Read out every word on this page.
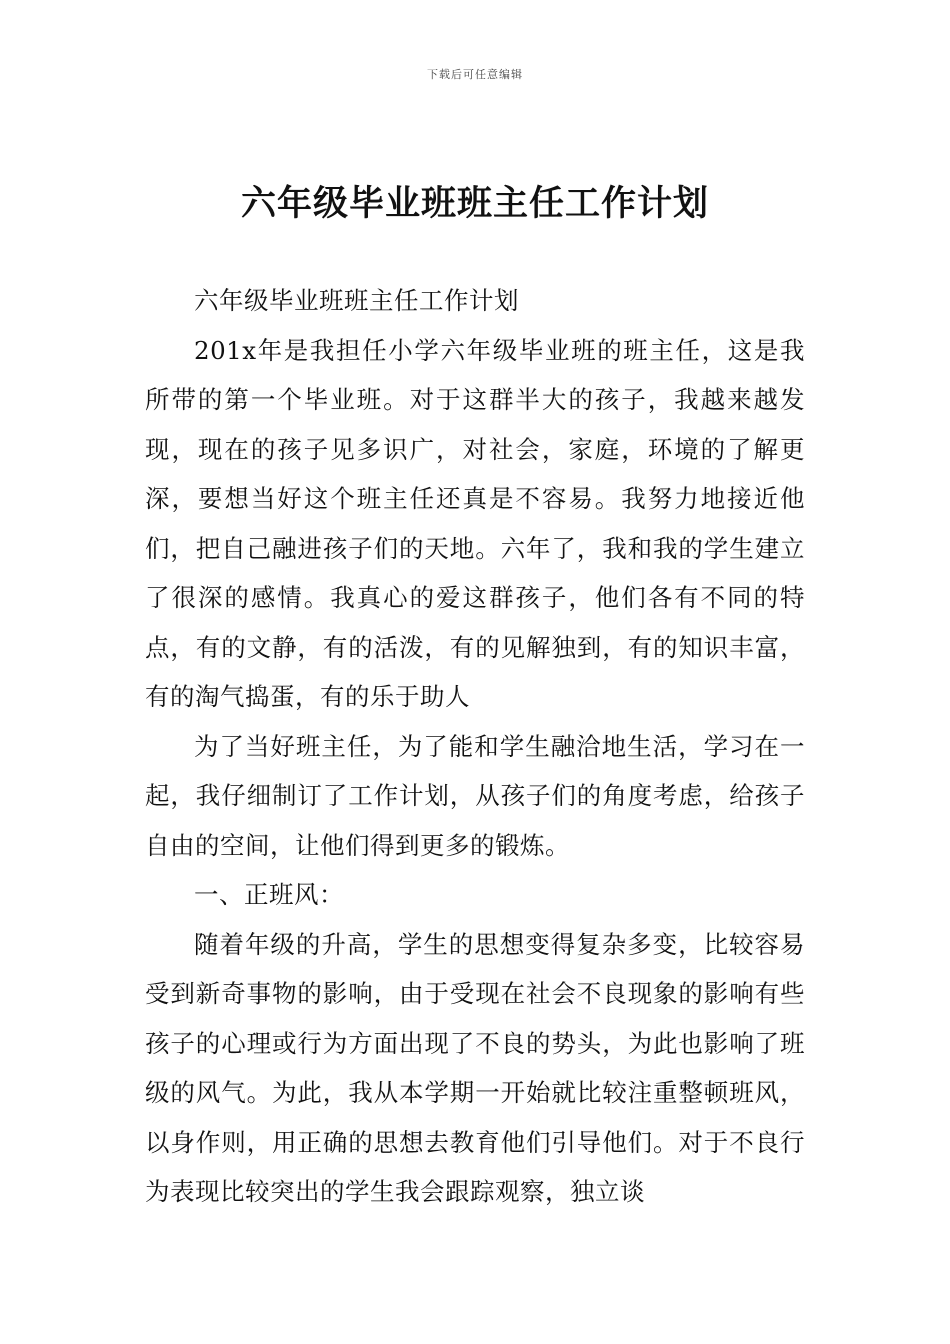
下载后可任意编辑
六年级毕业班班主任工作计划

六年级毕业班班主任工作计划

201x年是我担任小学六年级毕业班的班主任，这是我所带的第一个毕业班。对于这群半大的孩子，我越来越发现，现在的孩子见多识广，对社会，家庭，环境的了解更深，要想当好这个班主任还真是不容易。我努力地接近他们，把自己融进孩子们的天地。六年了，我和我的学生建立了很深的感情。我真心的爱这群孩子，他们各有不同的特点，有的文静，有的活泼，有的见解独到，有的知识丰富，有的淘气捣蛋，有的乐于助人

为了当好班主任，为了能和学生融洽地生活，学习在一起，我仔细制订了工作计划，从孩子们的角度考虑，给孩子自由的空间，让他们得到更多的锻炼。

一、正班风：

随着年级的升高，学生的思想变得复杂多变，比较容易受到新奇事物的影响，由于受现在社会不良现象的影响有些孩子的心理或行为方面出现了不良的势头，为此也影响了班级的风气。为此，我从本学期一开始就比较注重整顿班风，以身作则，用正确的思想去教育他们引导他们。对于不良行为表现比较突出的学生我会跟踪观察，独立谈
